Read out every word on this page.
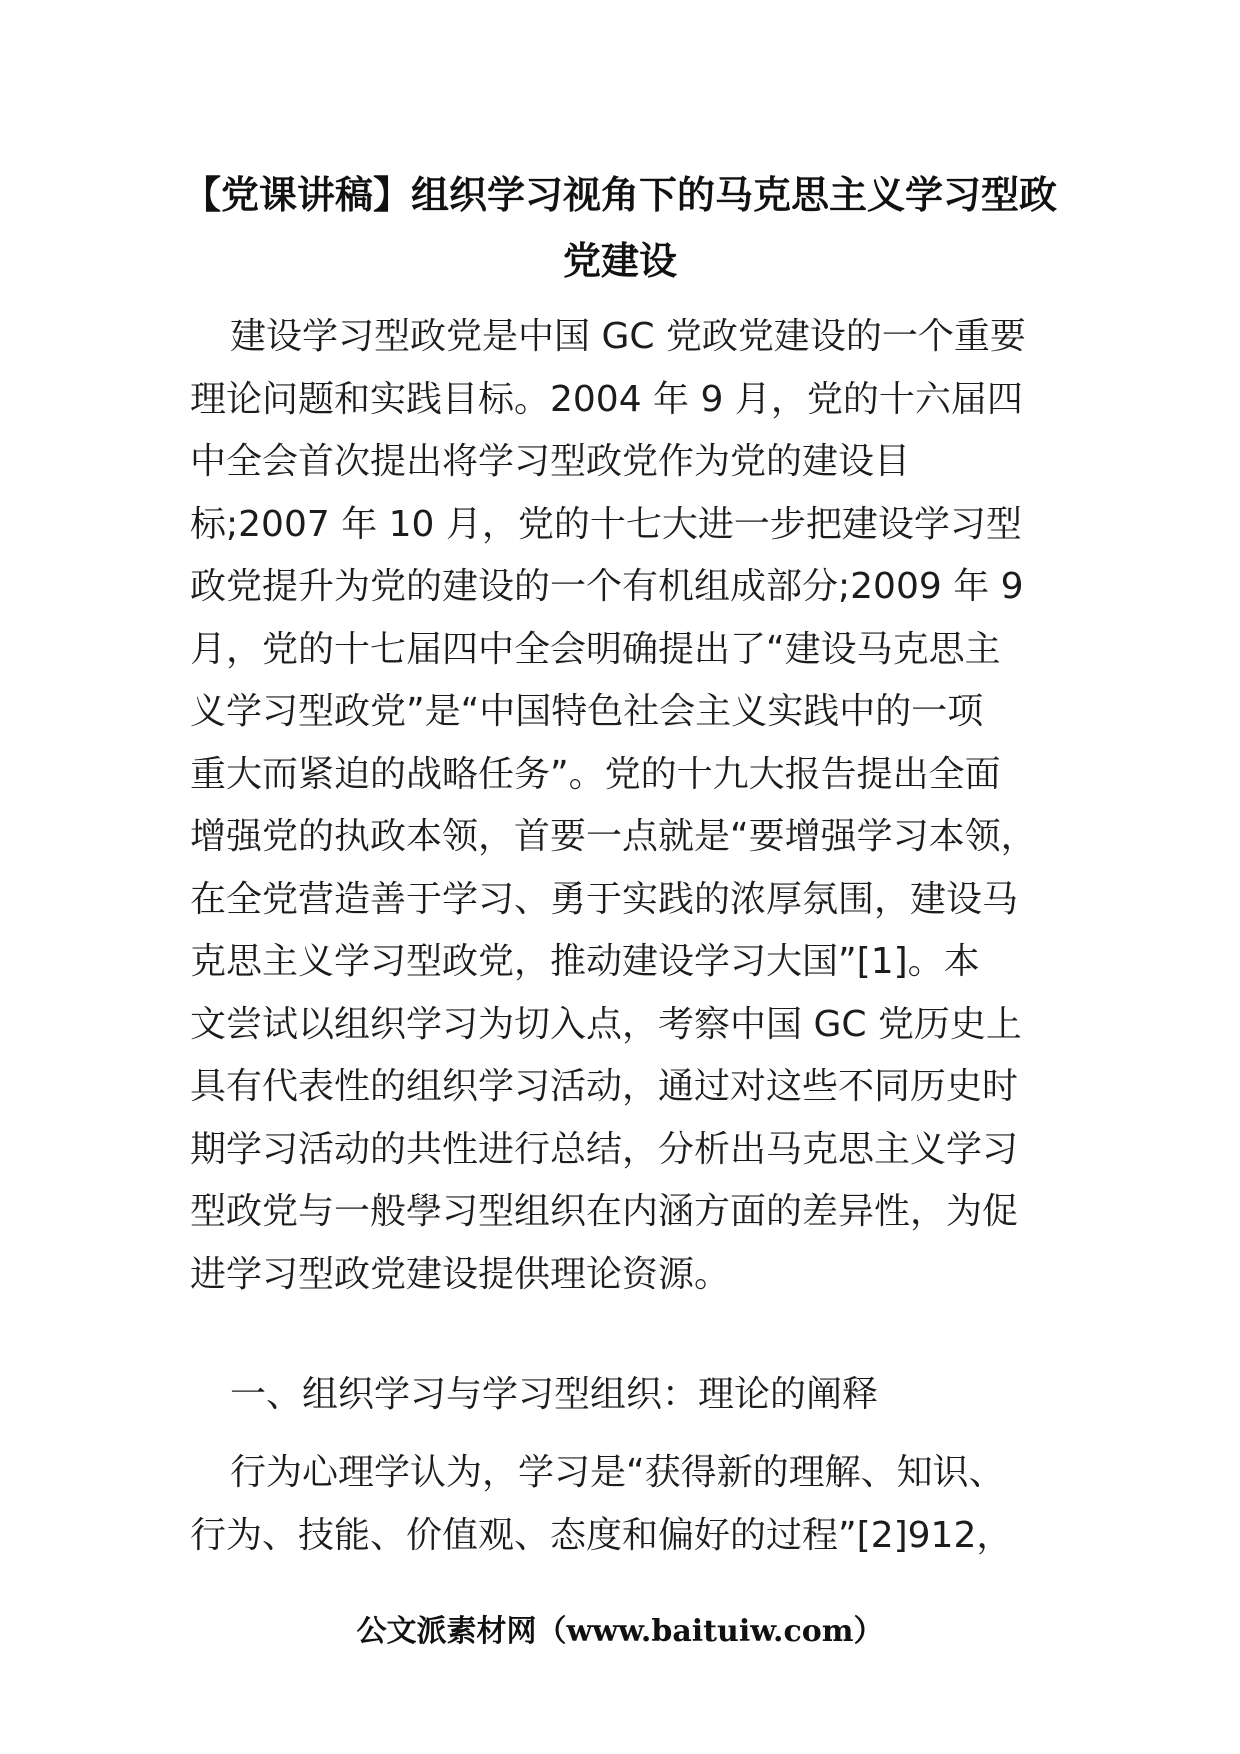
【党课讲稿】组织学习视角下的马克思主义学习型政
党建设
建设学习型政党是中国 GC 党政党建设的一个重要
理论问题和实践目标。2004 年 9 月，党的十六届四
中全会首次提出将学习型政党作为党的建设目
标;2007 年 10 月，党的十七大进一步把建设学习型
政党提升为党的建设的一个有机组成部分;2009 年 9
月，党的十七届四中全会明确提出了“建设马克思主
义学习型政党”是“中国特色社会主义实践中的一项
重大而紧迫的战略任务”。党的十九大报告提出全面
增强党的执政本领，首要一点就是“要增强学习本领，
在全党营造善于学习、勇于实践的浓厚氛围，建设马
克思主义学习型政党，推动建设学习大国”[1]。本
文尝试以组织学习为切入点，考察中国 GC 党历史上
具有代表性的组织学习活动，通过对这些不同历史时
期学习活动的共性进行总结，分析出马克思主义学习
型政党与一般學习型组织在内涵方面的差异性，为促
进学习型政党建设提供理论资源。
一、组织学习与学习型组织：理论的阐释
行为心理学认为，学习是“获得新的理解、知识、
行为、技能、价值观、态度和偏好的过程”[2]912，
公文派素材网（www.baituiw.com）
